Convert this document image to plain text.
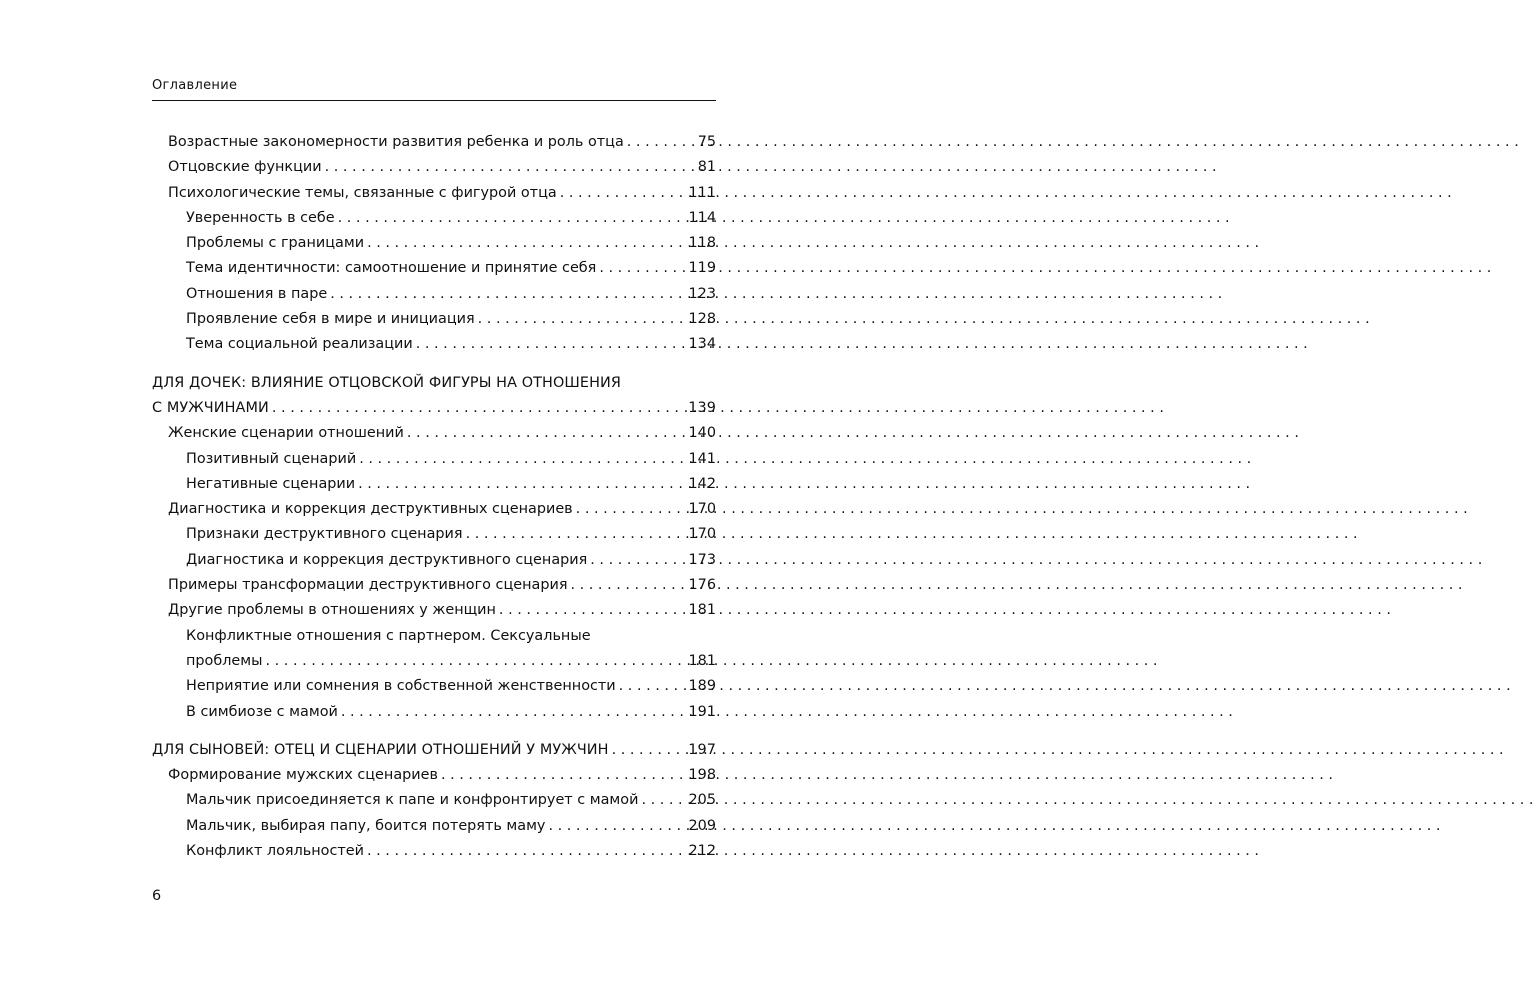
Оглавление
Возрастные закономерности развития ребенка и роль отца . . .	75
Отцовские функции . . .	81
Психологические темы, связанные с фигурой отца . . .	111
Уверенность в себе . . .	114
Проблемы с границами . . .	118
Тема идентичности: самоотношение и принятие себя . . .	119
Отношения в паре . . .	123
Проявление себя в мире и инициация . . .	128
Тема социальной реализации . . .	134
ДЛЯ ДОЧЕК: ВЛИЯНИЕ ОТЦОВСКОЙ ФИГУРЫ НА ОТНОШЕНИЯ
С МУЖЧИНАМИ . . .	139
Женские сценарии отношений . . .	140
Позитивный сценарий . . .	141
Негативные сценарии . . .	142
Диагностика и коррекция деструктивных сценариев . . .	170
Признаки деструктивного сценария . . .	170
Диагностика и коррекция деструктивного сценария . . .	173
Примеры трансформации деструктивного сценария . . .	176
Другие проблемы в отношениях у женщин . . .	181
Конфликтные отношения с партнером. Сексуальные
проблемы . . .	181
Неприятие или сомнения в собственной женственности . . .	189
В симбиозе с мамой . . .	191
ДЛЯ СЫНОВЕЙ: ОТЕЦ И СЦЕНАРИИ ОТНОШЕНИЙ У МУЖЧИН . . .	197
Формирование мужских сценариев . . .	198
Мальчик присоединяется к папе и конфронтирует с мамой . . .	205
Мальчик, выбирая папу, боится потерять маму . . .	209
Конфликт лояльностей . . .	212
6
